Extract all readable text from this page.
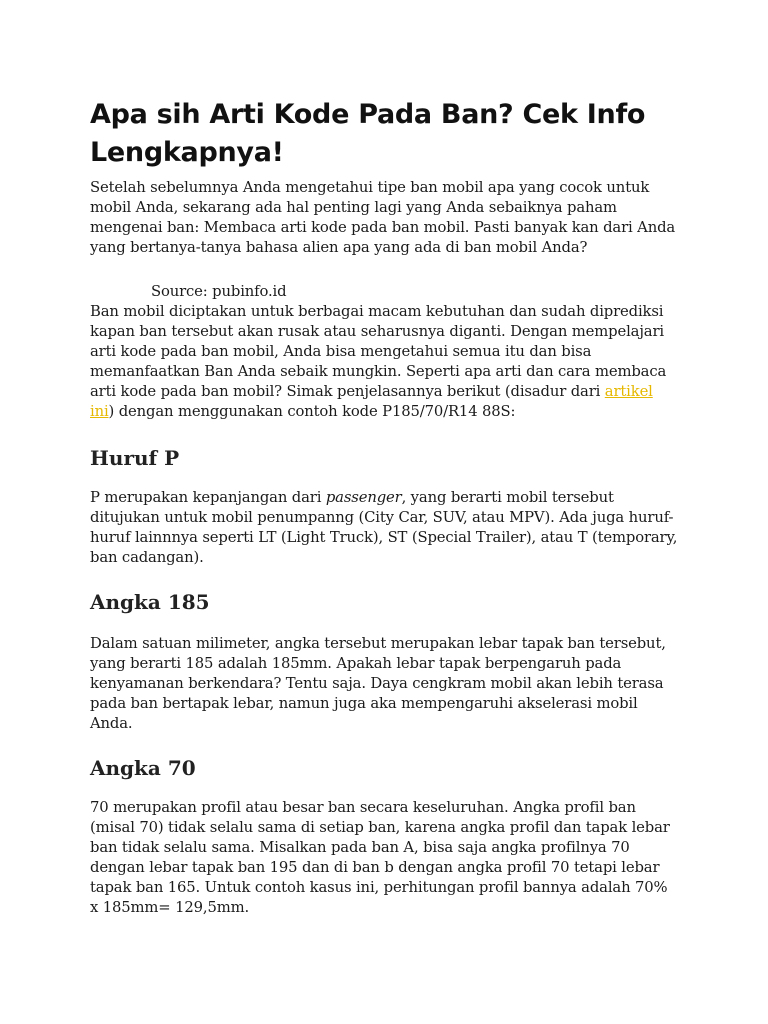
Apa sih Arti Kode Pada Ban? Cek Info Lengkapnya!

Setelah sebelumnya Anda mengetahui tipe ban mobil apa yang cocok untuk mobil Anda, sekarang ada hal penting lagi yang Anda sebaiknya paham mengenai ban: Membaca arti kode pada ban mobil. Pasti banyak kan dari Anda yang bertanya-tanya bahasa alien apa yang ada di ban mobil Anda?

Source: pubinfo.id

Ban mobil diciptakan untuk berbagai macam kebutuhan dan sudah diprediksi kapan ban tersebut akan rusak atau seharusnya diganti. Dengan mempelajari arti kode pada ban mobil, Anda bisa mengetahui semua itu dan bisa memanfaatkan Ban Anda sebaik mungkin. Seperti apa arti dan cara membaca arti kode pada ban mobil? Simak penjelasannya berikut (disadur dari artikel ini) dengan menggunakan contoh kode P185/70/R14 88S:

Huruf P

P merupakan kepanjangan dari passenger, yang berarti mobil tersebut ditujukan untuk mobil penumpanng (City Car, SUV, atau MPV). Ada juga huruf-huruf lainnnya seperti LT (Light Truck), ST (Special Trailer), atau T (temporary, ban cadangan).

Angka 185

Dalam satuan milimeter, angka tersebut merupakan lebar tapak ban tersebut, yang berarti 185 adalah 185mm. Apakah lebar tapak berpengaruh pada kenyamanan berkendara? Tentu saja. Daya cengkram mobil akan lebih terasa pada ban bertapak lebar, namun juga aka mempengaruhi akselerasi mobil Anda.

Angka 70

70 merupakan profil atau besar ban secara keseluruhan. Angka profil ban (misal 70) tidak selalu sama di setiap ban, karena angka profil dan tapak lebar ban tidak selalu sama. Misalkan pada ban A, bisa saja angka profilnya 70 dengan lebar tapak ban 195 dan di ban b dengan angka profil 70 tetapi lebar tapak ban 165. Untuk contoh kasus ini, perhitungan profil bannya adalah 70% x 185mm= 129,5mm.
